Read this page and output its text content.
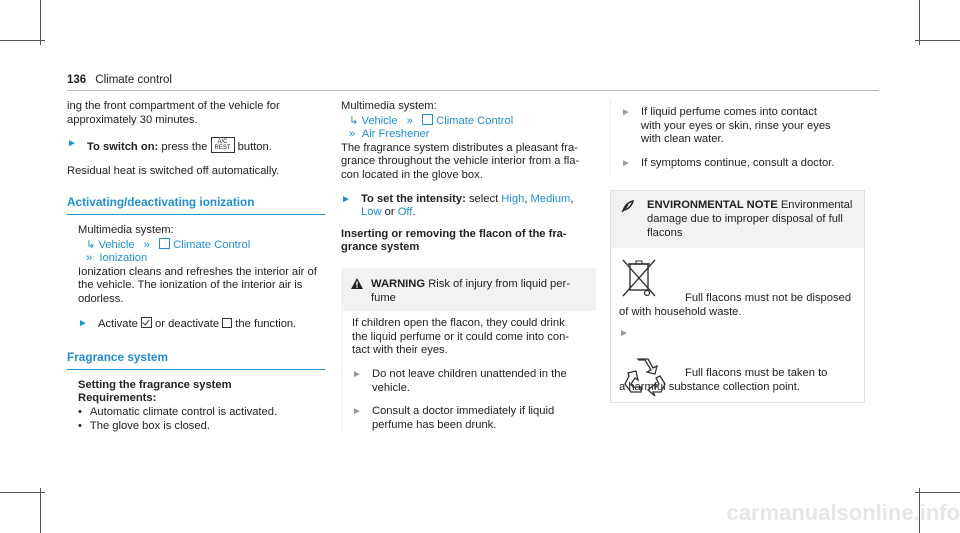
136 Climate control

ing the front compartment of the vehicle for

approximately 30 minutes.

► To switch on: press the A/C
REST button.

Residual heat is switched off automatically.

Activating/deactivating ionization

Multimedia system:

↳ Vehicle » Climate Control

» Ionization

Ionization cleans and refreshes the interior air of

the vehicle. The ionization of the interior air is

odorless.

► Activate or deactivate the function.

Fragrance system

Setting the fragrance system

Requirements:

• Automatic climate control is activated.

• The glove box is closed.

Multimedia system:

↳ Vehicle » Climate Control

» Air Freshener

The fragrance system distributes a pleasant fra-

grance throughout the vehicle interior from a fla-

con located in the glove box.

► To set the intensity: select High, Medium,
Low or Off.

Inserting or removing the flacon of the fra-

grance system

WARNING Risk of injury from liquid per-
fume

If children open the flacon, they could drink

the liquid perfume or it could come into con-

tact with their eyes.

► Do not leave children unattended in the
vehicle.

► Consult a doctor immediately if liquid
perfume has been drunk.

► If liquid perfume comes into contact
with your eyes or skin, rinse your eyes
with clean water.

► If symptoms continue, consult a doctor.

ENVIRONMENTAL NOTE Environmental
damage due to improper disposal of full
flacons

Full flacons must not be disposed

of with household waste.

►

Full flacons must be taken to

a harmful substance collection point.

carmanualsonline.info
